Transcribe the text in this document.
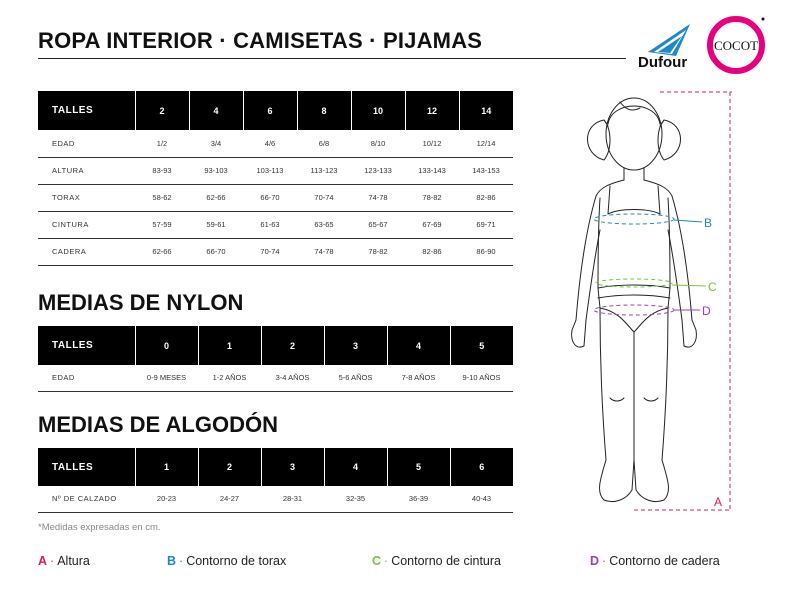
ROPA INTERIOR · CAMISETAS · PIJAMAS
Dufour
COCOT
TALLES	2	4	6	8	10	12	14
EDAD	1/2	3/4	4/6	6/8	8/10	10/12	12/14
ALTURA	83-93	93-103	103-113	113-123	123-133	133-143	143-153
TORAX	58-62	62-66	66-70	70-74	74-78	78-82	82-86
CINTURA	57-59	59-61	61-63	63-65	65-67	67-69	69-71
CADERA	62-66	66-70	70-74	74-78	78-82	82-86	86-90
MEDIAS DE NYLON
TALLES	0	1	2	3	4	5
EDAD	0-9 MESES	1-2 AÑOS	3-4 AÑOS	5-6 AÑOS	7-8 AÑOS	9-10 AÑOS
MEDIAS DE ALGODÓN
TALLES	1	2	3	4	5	6
Nº DE CALZADO	20-23	24-27	28-31	32-35	36-39	40-43
*Medidas expresadas en cm.
A · Altura	B · Contorno de torax	C · Contorno de cintura	D · Contorno de cadera
A
B
C
D
